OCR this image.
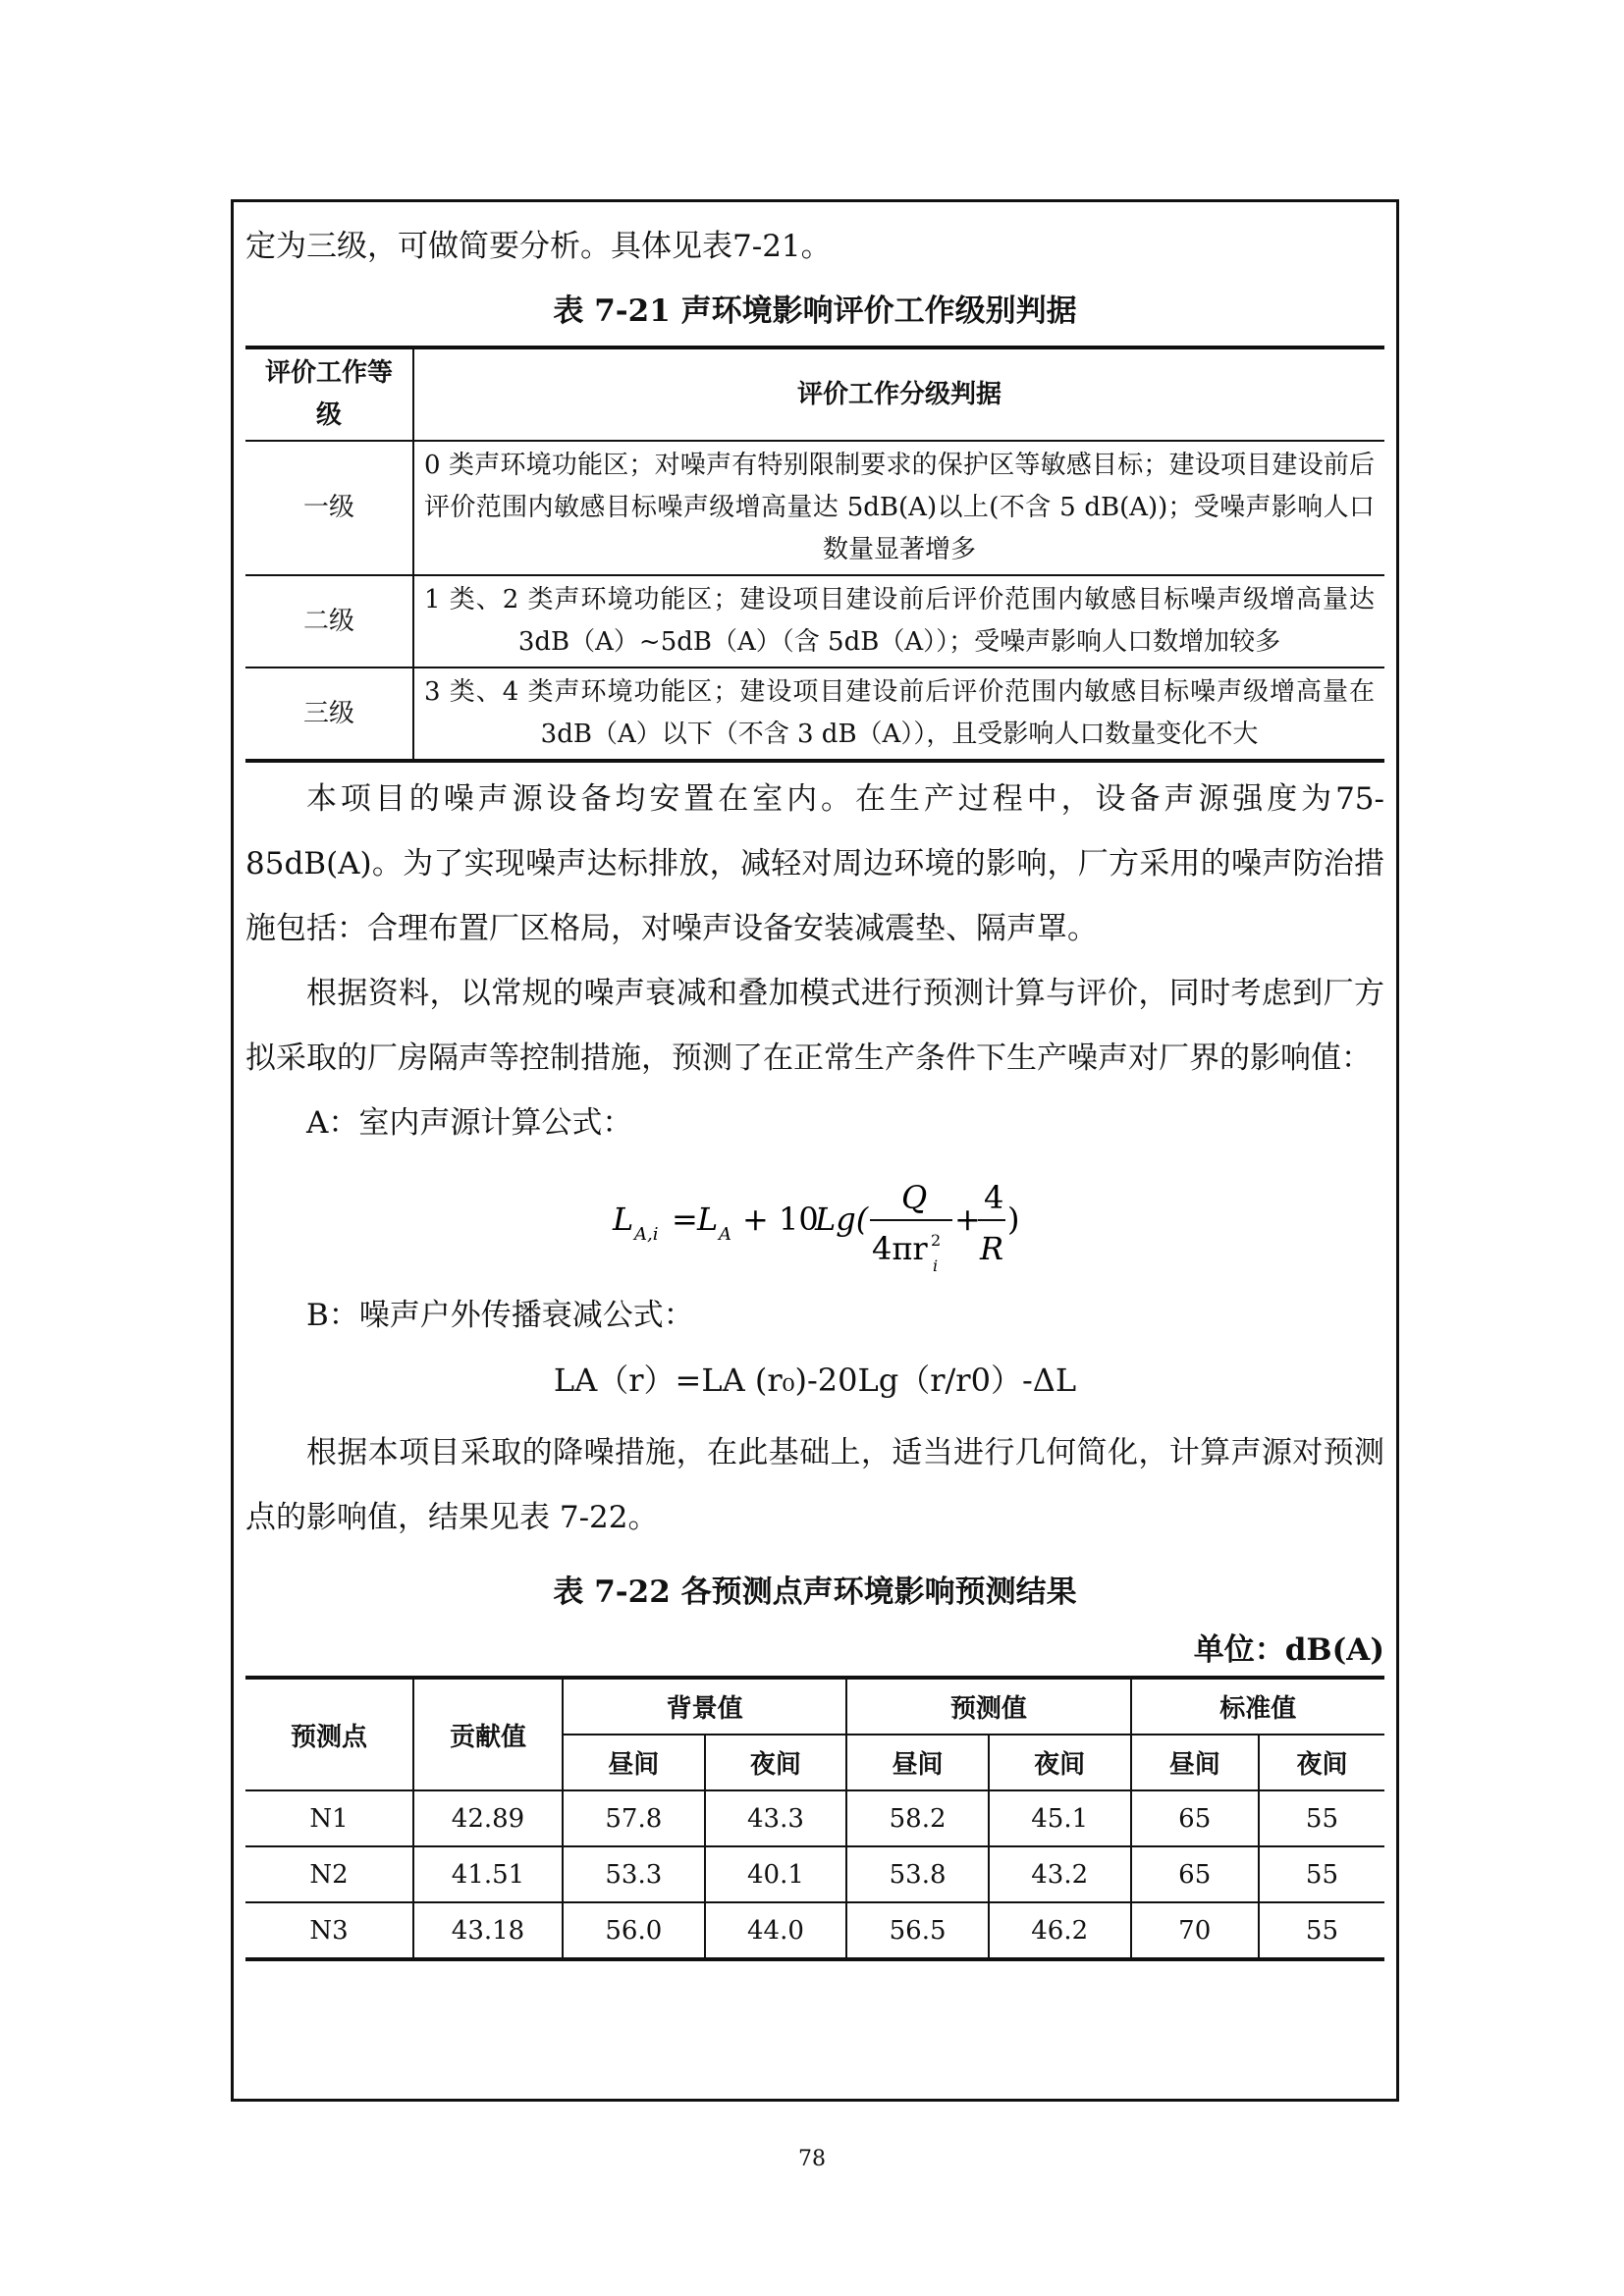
定为三级，可做简要分析。具体见表7-21。

表 7-21 声环境影响评价工作级别判据

评价工作等级	评价工作分级判据
一级	0 类声环境功能区；对噪声有特别限制要求的保护区等敏感目标；建设项目建设前后评价范围内敏感目标噪声级增高量达 5dB(A)以上(不含 5 dB(A))；受噪声影响人口数量显著增多
二级	1 类、2 类声环境功能区；建设项目建设前后评价范围内敏感目标噪声级增高量达 3dB（A）~5dB（A）（含 5dB（A））；受噪声影响人口数增加较多
三级	3 类、4 类声环境功能区；建设项目建设前后评价范围内敏感目标噪声级增高量在 3dB（A）以下（不含 3 dB（A）），且受影响人口数量变化不大

本项目的噪声源设备均安置在室内。在生产过程中，设备声源强度为75-85dB(A)。为了实现噪声达标排放，减轻对周边环境的影响，厂方采用的噪声防治措施包括：合理布置厂区格局，对噪声设备安装减震垫、隔声罩。

根据资料，以常规的噪声衰减和叠加模式进行预测计算与评价，同时考虑到厂方拟采取的厂房隔声等控制措施，预测了在正常生产条件下生产噪声对厂界的影响值：

A：室内声源计算公式：

L A,i = L A + 10
Lg(
Q
4πr 2
i
+
4
R
)

B：噪声户外传播衰减公式：

LA（r）=LA (r₀)-20Lg（r/r0）-ΔL

根据本项目采取的降噪措施，在此基础上，适当进行几何简化，计算声源对预测点的影响值，结果见表 7-22。

表 7-22 各预测点声环境影响预测结果

单位：dB(A)

预测点	贡献值	背景值		预测值		标准值	
		昼间	夜间	昼间	夜间	昼间	夜间
N1	42.89	57.8	43.3	58.2	45.1	65	55
N2	41.51	53.3	40.1	53.8	43.2	65	55
N3	43.18	56.0	44.0	56.5	46.2	70	55
78
